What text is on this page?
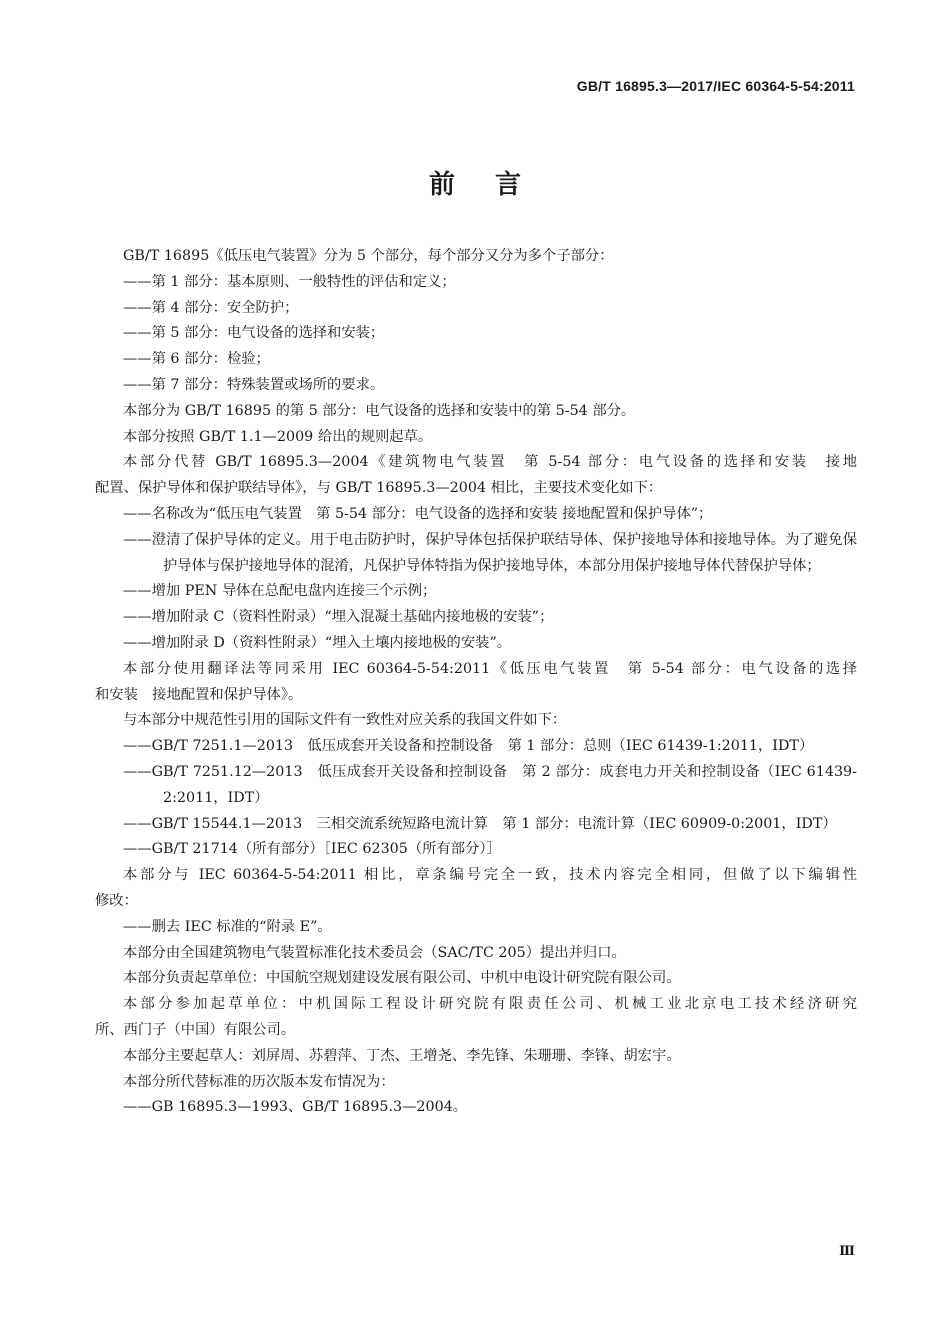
GB/T 16895.3—2017/IEC 60364-5-54:2011
前言

GB/T 16895《低压电气装置》分为 5 个部分，每个部分又分为多个子部分：

——第 1 部分：基本原则、一般特性的评估和定义；

——第 4 部分：安全防护；

——第 5 部分：电气设备的选择和安装；

——第 6 部分：检验；

——第 7 部分：特殊装置或场所的要求。

本部分为 GB/T 16895 的第 5 部分：电气设备的选择和安装中的第 5-54 部分。

本部分按照 GB/T 1.1—2009 给出的规则起草。

本部分代替 GB/T 16895.3—2004《建筑物电气装置　第 5-54 部分：电气设备的选择和安装　接地

配置、保护导体和保护联结导体》，与 GB/T 16895.3—2004 相比，主要技术变化如下：

——名称改为“低压电气装置　第 5-54 部分：电气设备的选择和安装 接地配置和保护导体”；
——澄清了保护导体的定义。用于电击防护时，保护导体包括保护联结导体、保护接地导体和接地导体。为了避免保护导体与保护接地导体的混淆，凡保护导体特指为保护接地导体，本部分用保护接地导体代替保护导体；
——增加 PEN 导体在总配电盘内连接三个示例；
——增加附录 C（资料性附录）“埋入混凝土基础内接地极的安装”；
——增加附录 D（资料性附录）“埋入土壤内接地极的安装”。

本部分使用翻译法等同采用 IEC 60364-5-54:2011《低压电气装置　第 5-54 部分：电气设备的选择

和安装　接地配置和保护导体》。

与本部分中规范性引用的国际文件有一致性对应关系的我国文件如下：

——GB/T 7251.1—2013　低压成套开关设备和控制设备　第 1 部分：总则（IEC 61439-1:2011，IDT）
——GB/T 7251.12—2013　低压成套开关设备和控制设备　第 2 部分：成套电力开关和控制设备（IEC 61439-2:2011，IDT）
——GB/T 15544.1—2013　三相交流系统短路电流计算　第 1 部分：电流计算（IEC 60909-0:2001，IDT）
——GB/T 21714（所有部分）［IEC 62305（所有部分）］

本部分与 IEC 60364-5-54:2011 相比，章条编号完全一致，技术内容完全相同，但做了以下编辑性

修改：

——删去 IEC 标准的“附录 E”。

本部分由全国建筑物电气装置标准化技术委员会（SAC/TC 205）提出并归口。

本部分负责起草单位：中国航空规划建设发展有限公司、中机中电设计研究院有限公司。

本部分参加起草单位：中机国际工程设计研究院有限责任公司、机械工业北京电工技术经济研究

所、西门子（中国）有限公司。

本部分主要起草人：刘屏周、苏碧萍、丁杰、王增尧、李先锋、朱珊珊、李锋、胡宏宇。

本部分所代替标准的历次版本发布情况为：

——GB 16895.3—1993、GB/T 16895.3—2004。

Ⅲ
